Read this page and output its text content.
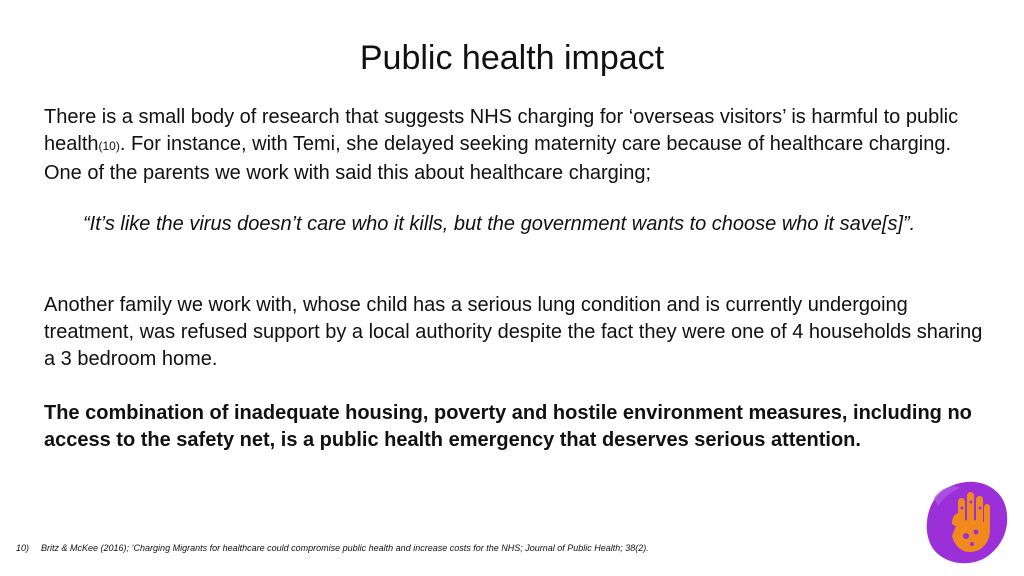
Public health impact
There is a small body of research that suggests NHS charging for ‘overseas visitors’ is harmful to public health(10). For instance, with Temi, she delayed seeking maternity care because of healthcare charging. One of the parents we work with said this about healthcare charging;
“It’s like the virus doesn’t care who it kills, but the government wants to choose who it save[s]”.
Another family we work with, whose child has a serious lung condition and is currently undergoing treatment, was refused support by a local authority despite the fact they were one of 4 households sharing a 3 bedroom home.
The combination of inadequate housing, poverty and hostile environment measures, including no access to the safety net, is a public health emergency that deserves serious attention.
10) Britz & McKee (2016); ‘Charging Migrants for healthcare could compromise public health and increase costs for the NHS; Journal of Public Health; 38(2).
